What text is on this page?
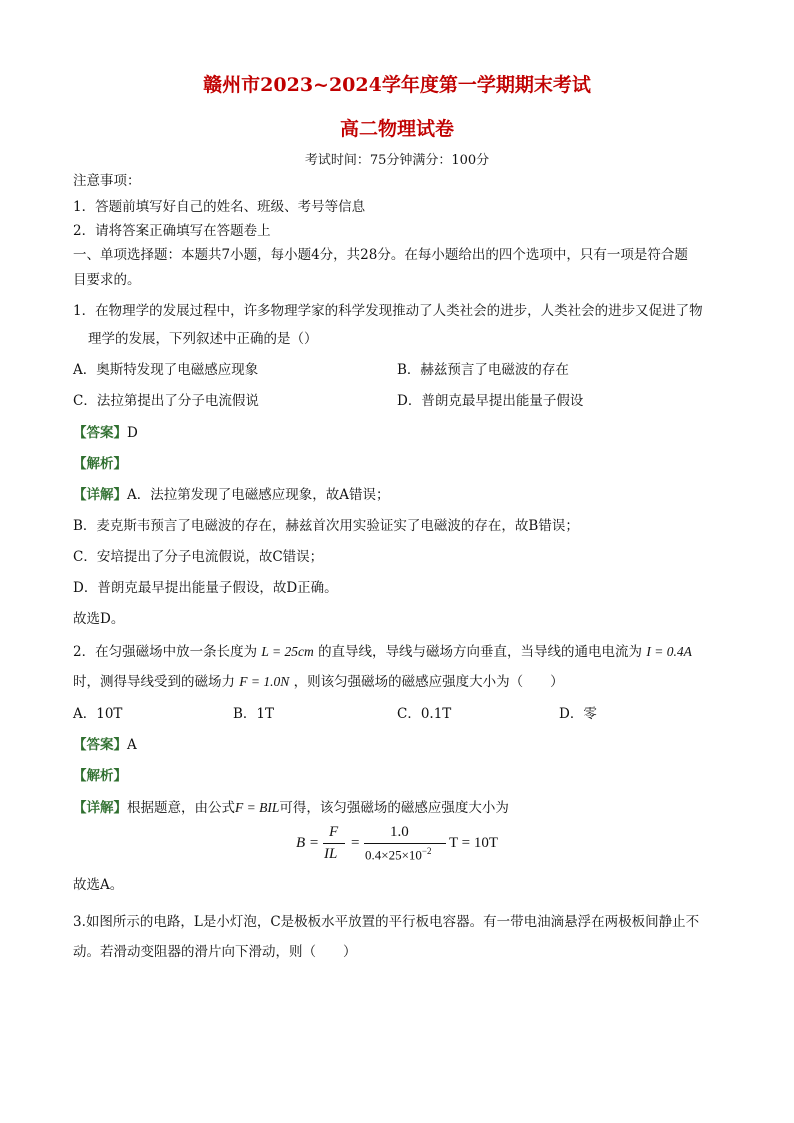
赣州市2023~2024学年度第一学期期末考试
高二物理试卷
考试时间：75分钟满分：100分
注意事项：
1．答题前填写好自己的姓名、班级、考号等信息
2．请将答案正确填写在答题卷上
一、单项选择题：本题共7小题，每小题4分，共28分。在每小题给出的四个选项中，只有一项是符合题
目要求的。
1．在物理学的发展过程中，许多物理学家的科学发现推动了人类社会的进步，人类社会的进步又促进了物
理学的发展，下列叙述中正确的是（）
A．奥斯特发现了电磁感应现象	B．赫兹预言了电磁波的存在
C．法拉第提出了分子电流假说	D．普朗克最早提出能量子假设
【答案】D
【解析】
【详解】A．法拉第发现了电磁感应现象，故A错误；
B．麦克斯韦预言了电磁波的存在，赫兹首次用实验证实了电磁波的存在，故B错误；
C．安培提出了分子电流假说，故C错误；
D．普朗克最早提出能量子假设，故D正确。
故选D。
2．在匀强磁场中放一条长度为 L = 25cm 的直导线，导线与磁场方向垂直，当导线的通电电流为 I = 0.4A
时，测得导线受到的磁场力 F = 1.0N ，则该匀强磁场的磁感应强度大小为（　　）
A．10T	B．1T	C．0.1T	D．零
【答案】A
【解析】
【详解】根据题意，由公式F = BIL可得，该匀强磁场的磁感应强度大小为
B =
F
IL
=
1.0
$0.4\times 25\times 10^{-2}$ T = 10T
故选A。
3.如图所示的电路，L是小灯泡，C是极板水平放置的平行板电容器。有一带电油滴悬浮在两极板间静止不
动。若滑动变阻器的滑片向下滑动，则（　　）
